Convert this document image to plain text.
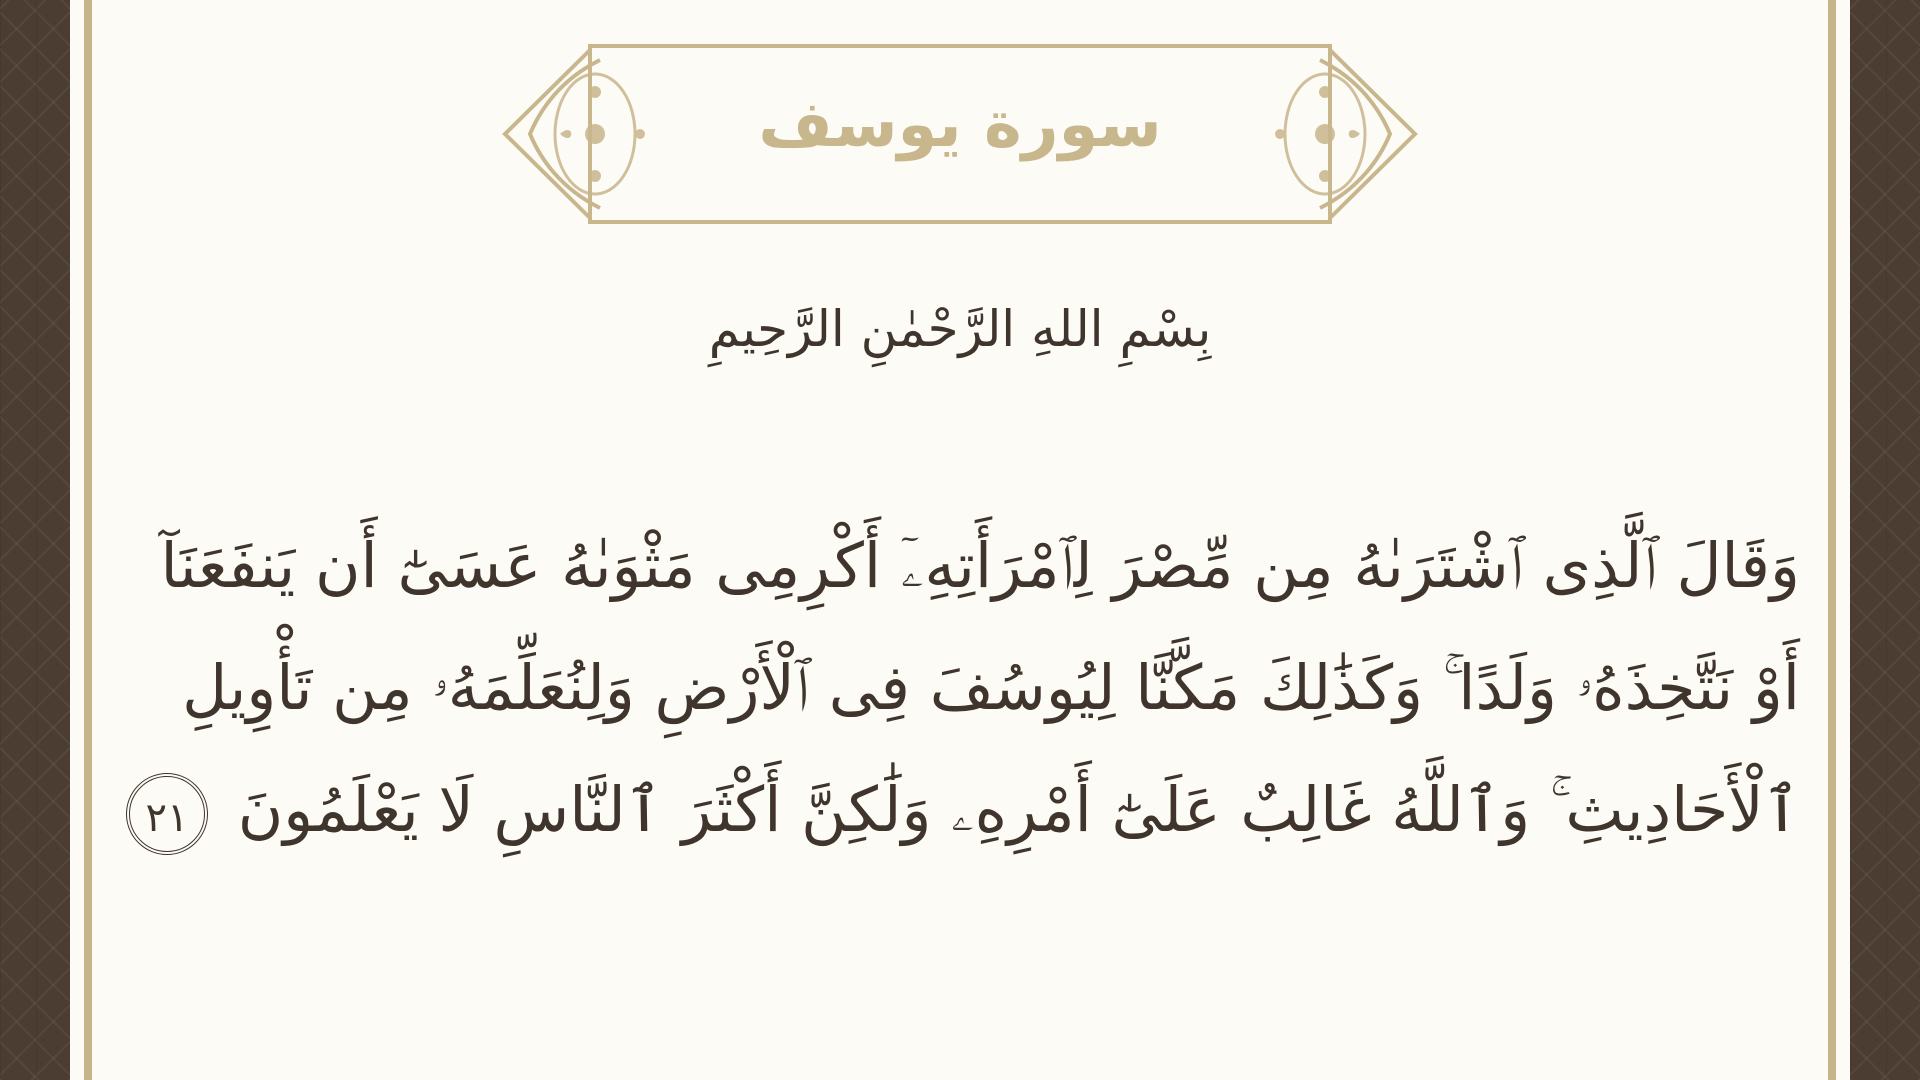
سورة يوسف
بِسْمِ اللهِ الرَّحْمٰنِ الرَّحِيمِ
وَقَالَ ٱلَّذِى ٱشْتَرَىٰهُ مِن مِّصْرَ لِٱمْرَأَتِهِۦٓ أَكْرِمِى مَثْوَىٰهُ عَسَىٰٓ أَن يَنفَعَنَآ
أَوْ نَتَّخِذَهُۥ وَلَدًا ۚ وَكَذَٰلِكَ مَكَّنَّا لِيُوسُفَ فِى ٱلْأَرْضِ وَلِنُعَلِّمَهُۥ مِن تَأْوِيلِ
ٱلْأَحَادِيثِ ۚ وَٱللَّهُ غَالِبٌ عَلَىٰٓ أَمْرِهِۦ وَلَٰكِنَّ أَكْثَرَ ٱلنَّاسِ لَا يَعْلَمُونَ ٢١
